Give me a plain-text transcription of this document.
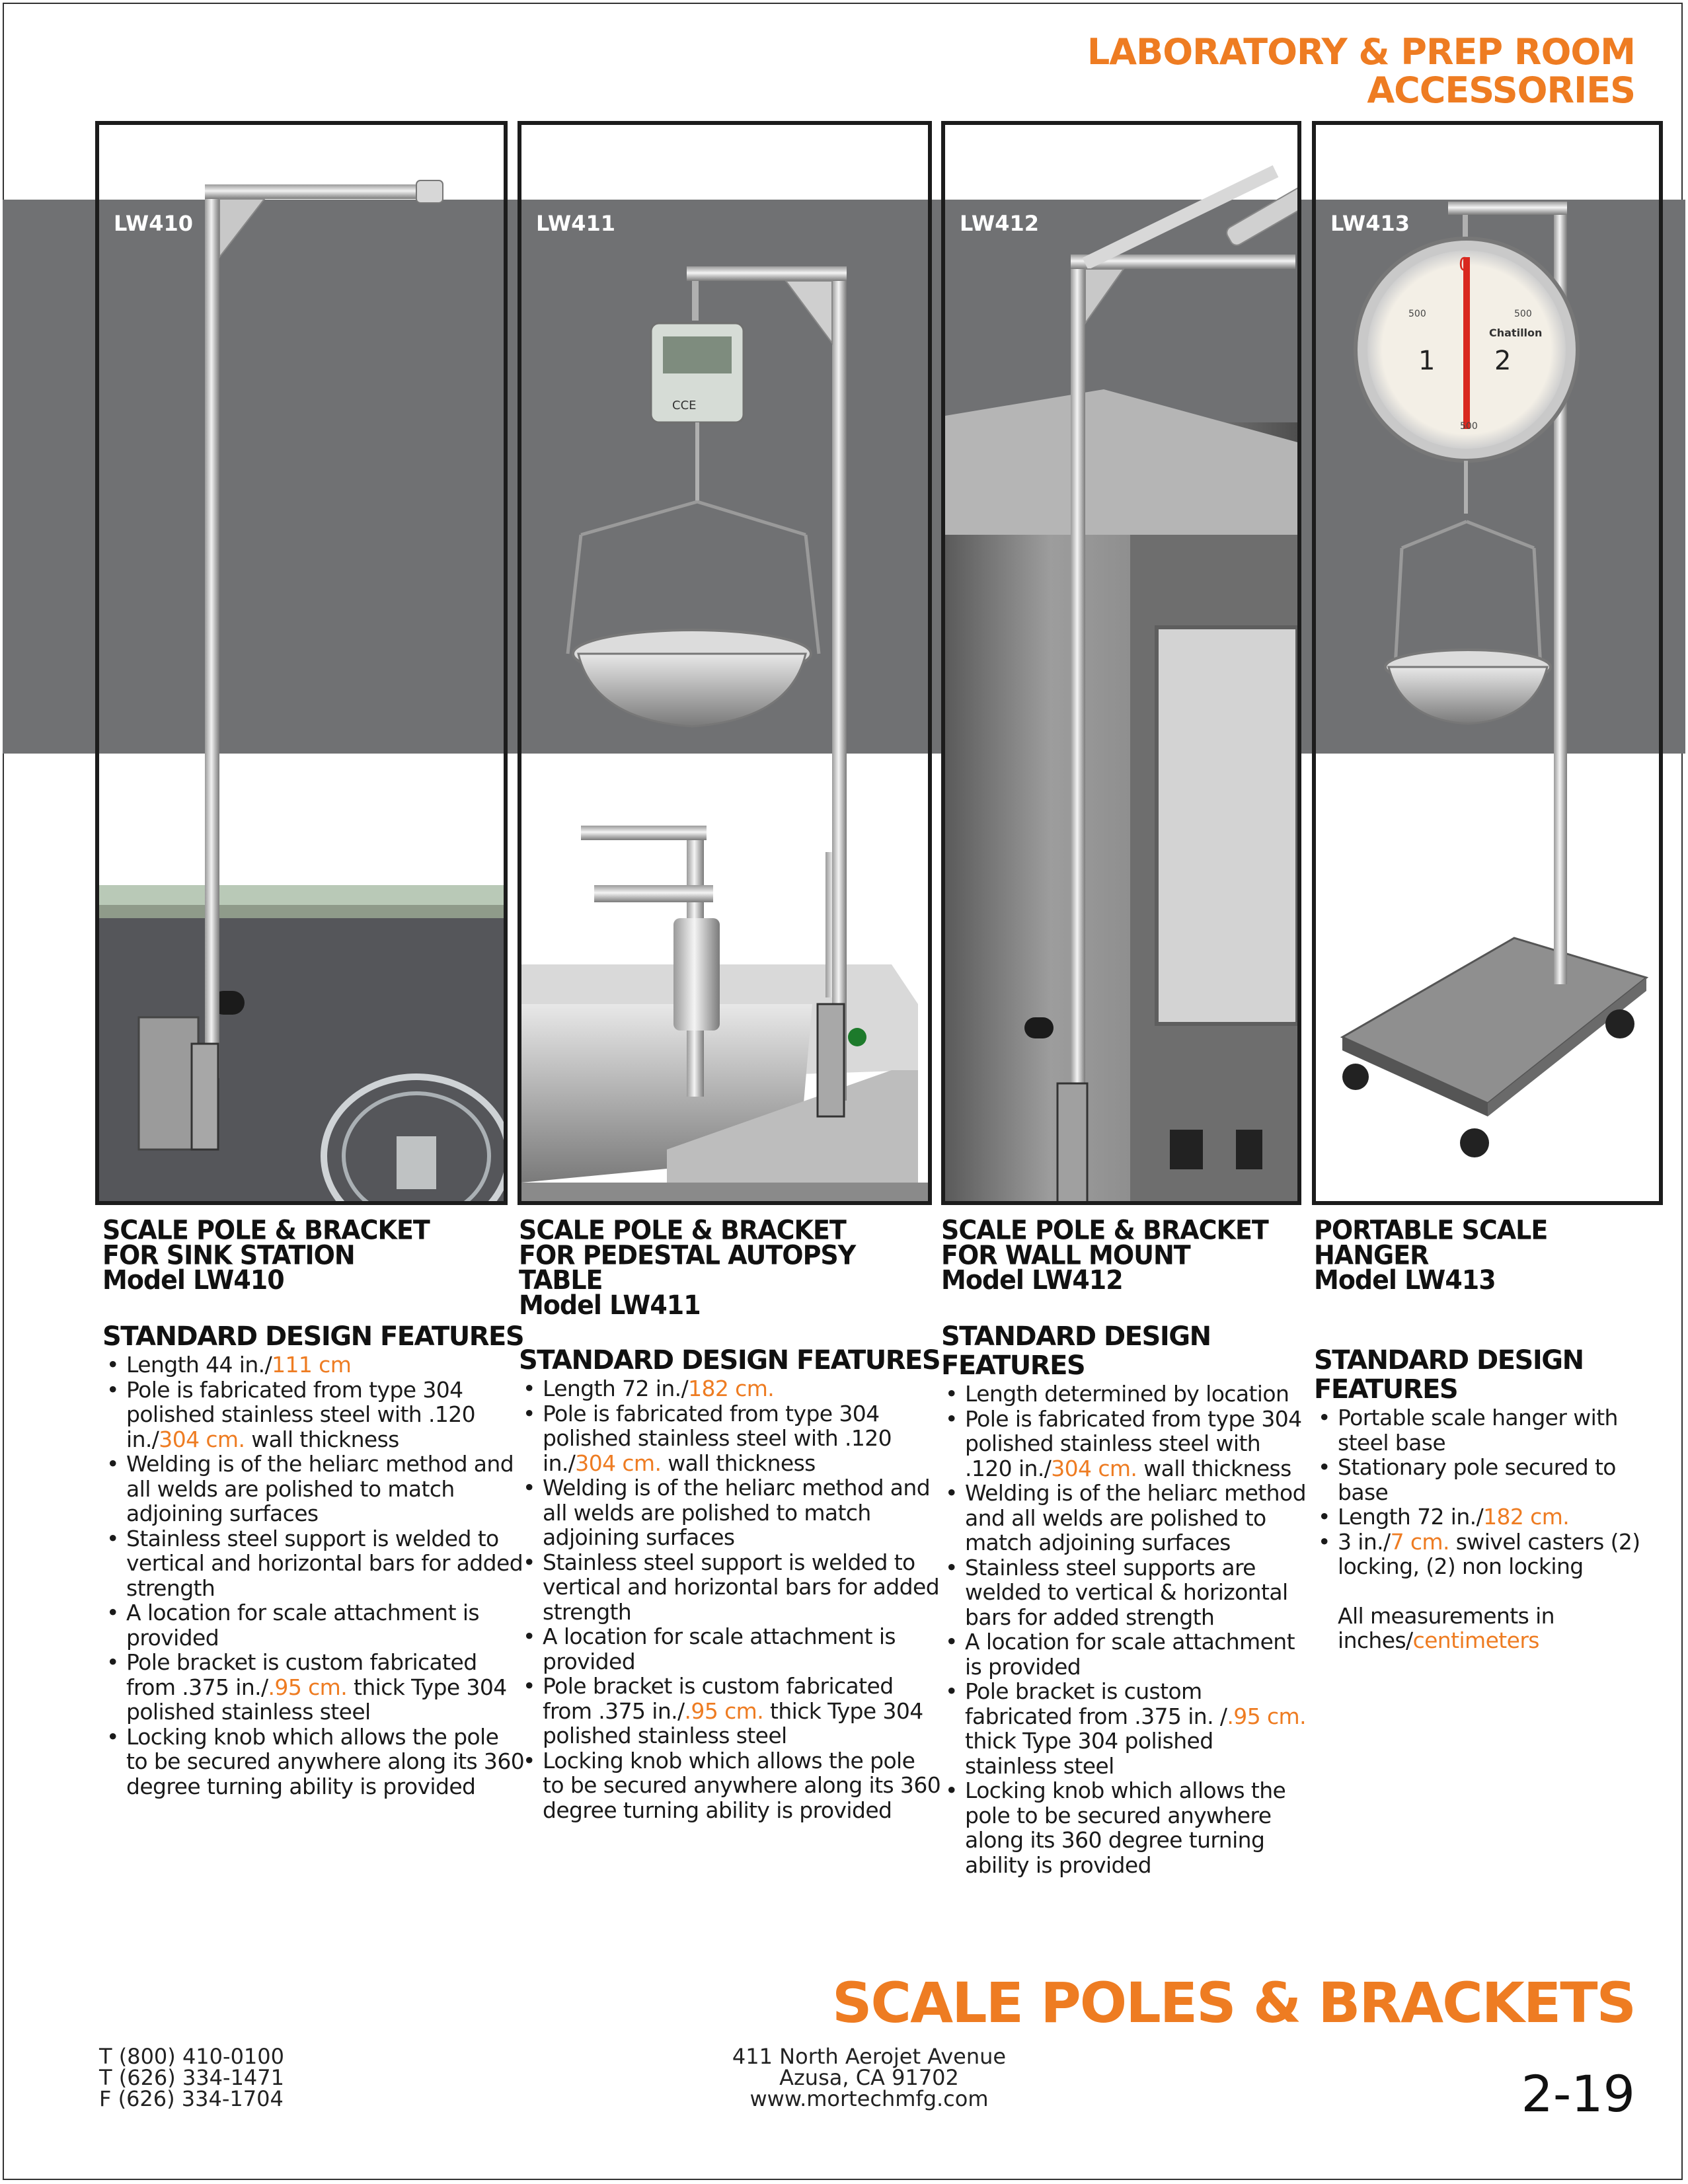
LABORATORY & PREP ROOM
ACCESSORIES
LW410
CCE
LW411	LW412
0
1 2
500	500
500
Chatillon
LW413
SCALE POLE & BRACKET
FOR SINK STATION
Model LW410
STANDARD DESIGN FEATURES
• Length 44 in./111 cm
• Pole is fabricated from type 304 polished stainless steel with .120 in./304 cm. wall thickness
• Welding is of the heliarc method and all welds are polished to match adjoining surfaces
• Stainless steel support is welded to vertical and horizontal bars for added strength
• A location for scale attachment is provided
• Pole bracket is custom fabricated from .375 in./.95 cm. thick Type 304 polished stainless steel
• Locking knob which allows the pole to be secured anywhere along its 360 degree turning ability is provided
SCALE POLE & BRACKET
FOR PEDESTAL AUTOPSY TABLE
Model LW411
STANDARD DESIGN FEATURES
• Length 72 in./182 cm.
• Pole is fabricated from type 304 polished stainless steel with .120 in./304 cm. wall thickness
• Welding is of the heliarc method and all welds are polished to match adjoining surfaces
• Stainless steel support is welded to vertical and horizontal bars for added strength
• A location for scale attachment is provided
• Pole bracket is custom fabricated from .375 in./.95 cm. thick Type 304 polished stainless steel
• Locking knob which allows the pole to be secured anywhere along its 360 degree turning ability is provided
SCALE POLE & BRACKET
FOR WALL MOUNT
Model LW412
STANDARD DESIGN FEATURES
• Length determined by location
• Pole is fabricated from type 304 polished stainless steel with .120 in./304 cm. wall thickness
• Welding is of the heliarc method and all welds are polished to match adjoining surfaces
• Stainless steel supports are welded to vertical & horizontal bars for added strength
• A location for scale attachment is provided
• Pole bracket is custom fabricated from .375 in. /.95 cm. thick Type 304 polished stainless steel
• Locking knob which allows the pole to be secured anywhere along its 360 degree turning ability is provided
PORTABLE SCALE HANGER
Model LW413
STANDARD DESIGN FEATURES
• Portable scale hanger with steel base
• Stationary pole secured to base
• Length 72 in./182 cm.
• 3 in./7 cm. swivel casters (2) locking, (2) non locking
All measurements in inches/centimeters
SCALE POLES & BRACKETS
T (800) 410-0100
T (626) 334-1471
F (626) 334-1704
411 North Aerojet Avenue
Azusa, CA 91702
www.mortechmfg.com	2-19
